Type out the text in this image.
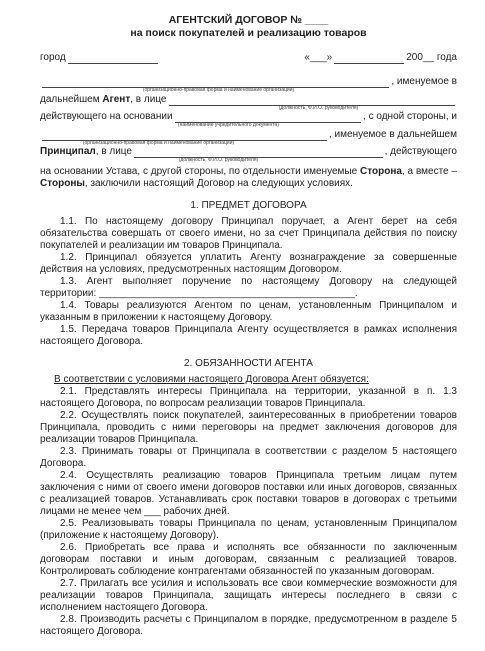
АГЕНТСКИЙ ДОГОВОР № ____
на поиск покупателей и реализацию товаров
город	«___»	200__ года
, именуемое в
(организационно-правовая форма и наименование организации)
дальнейшем
Агент , в лице
(должность, Ф.И.О. руководителя)
действующего на основании	, с одной стороны, и
(наименование учредительного документа)
, именуемое в дальнейшем
(организационно-правовая форма и наименование организации)
Принципал , в лице	, действующего
(должность, Ф.И.О. руководителя)

на основании Устава, с другой стороны, по отдельности именуемые Сторона, а вместе – Стороны, заключили настоящий Договор на следующих условиях.

1. ПРЕДМЕТ ДОГОВОРА

1.1. По настоящему договору Принципал поручает, а Агент берет на себя обязательства совершать от своего имени, но за счет Принципала действия по поиску покупателей и реализации им товаров Принципала.

1.2. Принципал обязуется уплатить Агенту вознаграждение за совершенные действия на условиях, предусмотренных настоящим Договором.

1.3. Агент выполняет поручение по настоящему Договору на следующей территории: ______________________________________________.

1.4. Товары реализуются Агентом по ценам, установленным Принципалом и указанным в приложении к настоящему Договору.

1.5. Передача товаров Принципала Агенту осуществляется в рамках исполнения настоящего Договора.

2. ОБЯЗАННОСТИ АГЕНТА

В соответствии с условиями настоящего Договора Агент обязуется:

2.1. Представлять интересы Принципала на территории, указанной в п. 1.3 настоящего Договора, по вопросам реализации товаров Принципала.

2.2. Осуществлять поиск покупателей, заинтересованных в приобретении товаров Принципала, проводить с ними переговоры на предмет заключения договоров для реализации товаров Принципала.

2.3. Принимать товары от Принципала в соответствии с разделом 5 настоящего Договора.

2.4. Осуществлять реализацию товаров Принципала третьим лицам путем заключения с ними от своего имени договоров поставки или иных договоров, связанных с реализацией товаров. Устанавливать срок поставки товаров в договорах с третьими лицами не менее чем ___ рабочих дней.

2.5. Реализовывать товары Принципала по ценам, установленным Принципалом (приложение к настоящему Договору).

2.6. Приобретать все права и исполнять все обязанности по заключенным договорам поставки и иным договорам, связанным с реализацией товаров. Контролировать соблюдение контрагентами обязанностей по указанным договорам.

2.7. Прилагать все усилия и использовать все свои коммерческие возможности для реализации товаров Принципала, защищать интересы последнего в связи с исполнением настоящего Договора.

2.8. Производить расчеты с Принципалом в порядке, предусмотренном в разделе 5 настоящего Договора.
